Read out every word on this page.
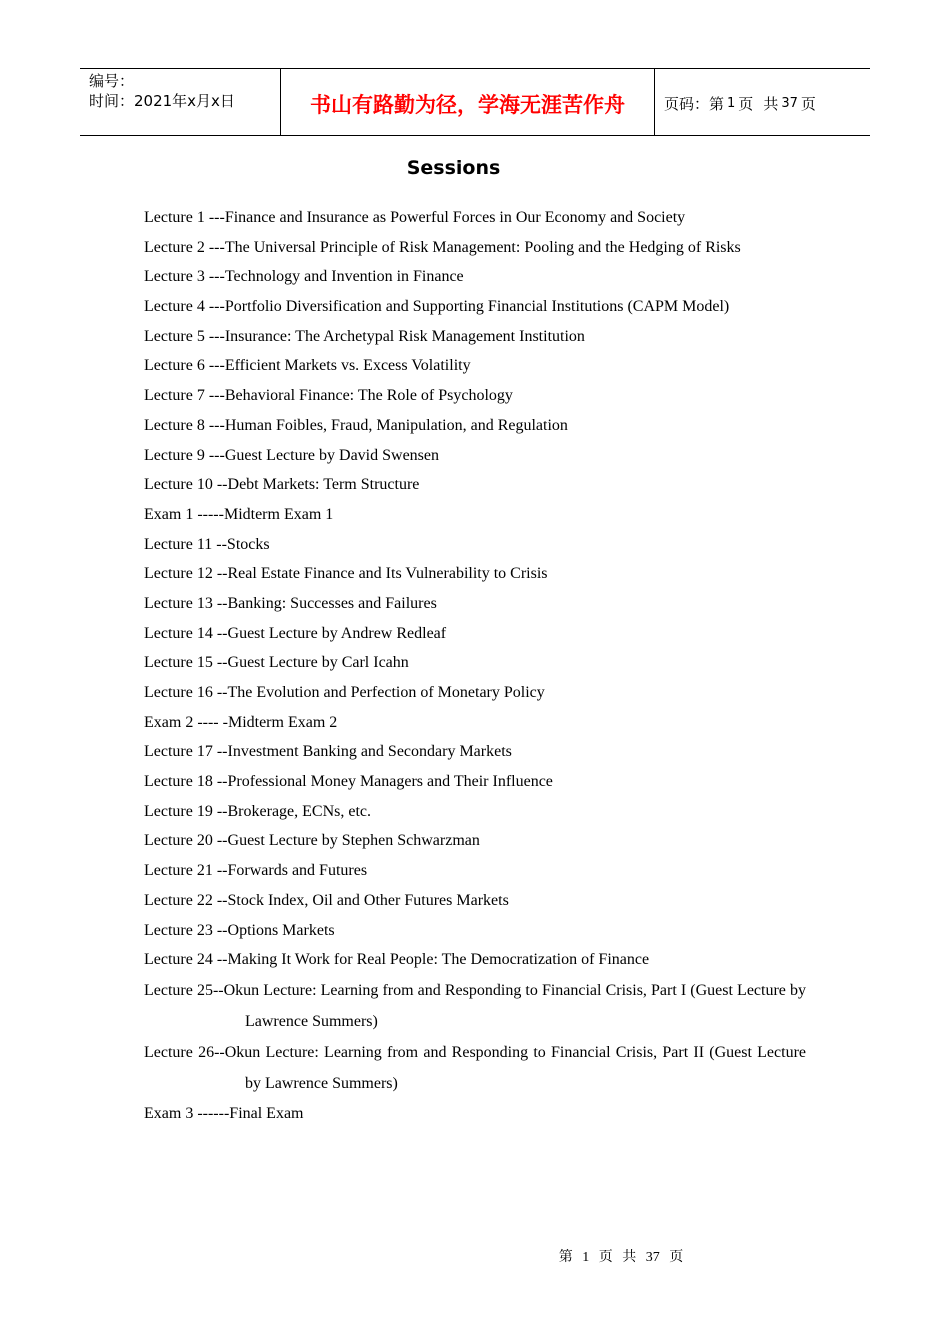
编号：
时间：2021年x月x日	书山有路勤为径，学海无涯苦作舟	页码：第 1 页 共 37 页
Sessions
Lecture 1 ---Finance and Insurance as Powerful Forces in Our Economy and Society
Lecture 2 ---The Universal Principle of Risk Management: Pooling and the Hedging of Risks
Lecture 3 ---Technology and Invention in Finance
Lecture 4 ---Portfolio Diversification and Supporting Financial Institutions (CAPM Model)
Lecture 5 ---Insurance: The Archetypal Risk Management Institution
Lecture 6 ---Efficient Markets vs. Excess Volatility
Lecture 7 ---Behavioral Finance: The Role of Psychology
Lecture 8 ---Human Foibles, Fraud, Manipulation, and Regulation
Lecture 9 ---Guest Lecture by David Swensen
Lecture 10 --Debt Markets: Term Structure
Exam 1 -----Midterm Exam 1
Lecture 11 --Stocks
Lecture 12 --Real Estate Finance and Its Vulnerability to Crisis
Lecture 13 --Banking: Successes and Failures
Lecture 14 --Guest Lecture by Andrew Redleaf
Lecture 15 --Guest Lecture by Carl Icahn
Lecture 16 --The Evolution and Perfection of Monetary Policy
Exam 2 ---- -Midterm Exam 2
Lecture 17 --Investment Banking and Secondary Markets
Lecture 18 --Professional Money Managers and Their Influence
Lecture 19 --Brokerage, ECNs, etc.
Lecture 20 --Guest Lecture by Stephen Schwarzman
Lecture 21 --Forwards and Futures
Lecture 22 --Stock Index, Oil and Other Futures Markets
Lecture 23 --Options Markets
Lecture 24 --Making It Work for Real People: The Democratization of Finance
Lecture 25--Okun Lecture: Learning from and Responding to Financial Crisis, Part I (Guest Lecture by Lawrence Summers)
Lecture 26--Okun Lecture: Learning from and Responding to Financial Crisis, Part II (Guest Lecture by Lawrence Summers)
Exam 3 ------Final Exam
第 1 页 共 37 页
